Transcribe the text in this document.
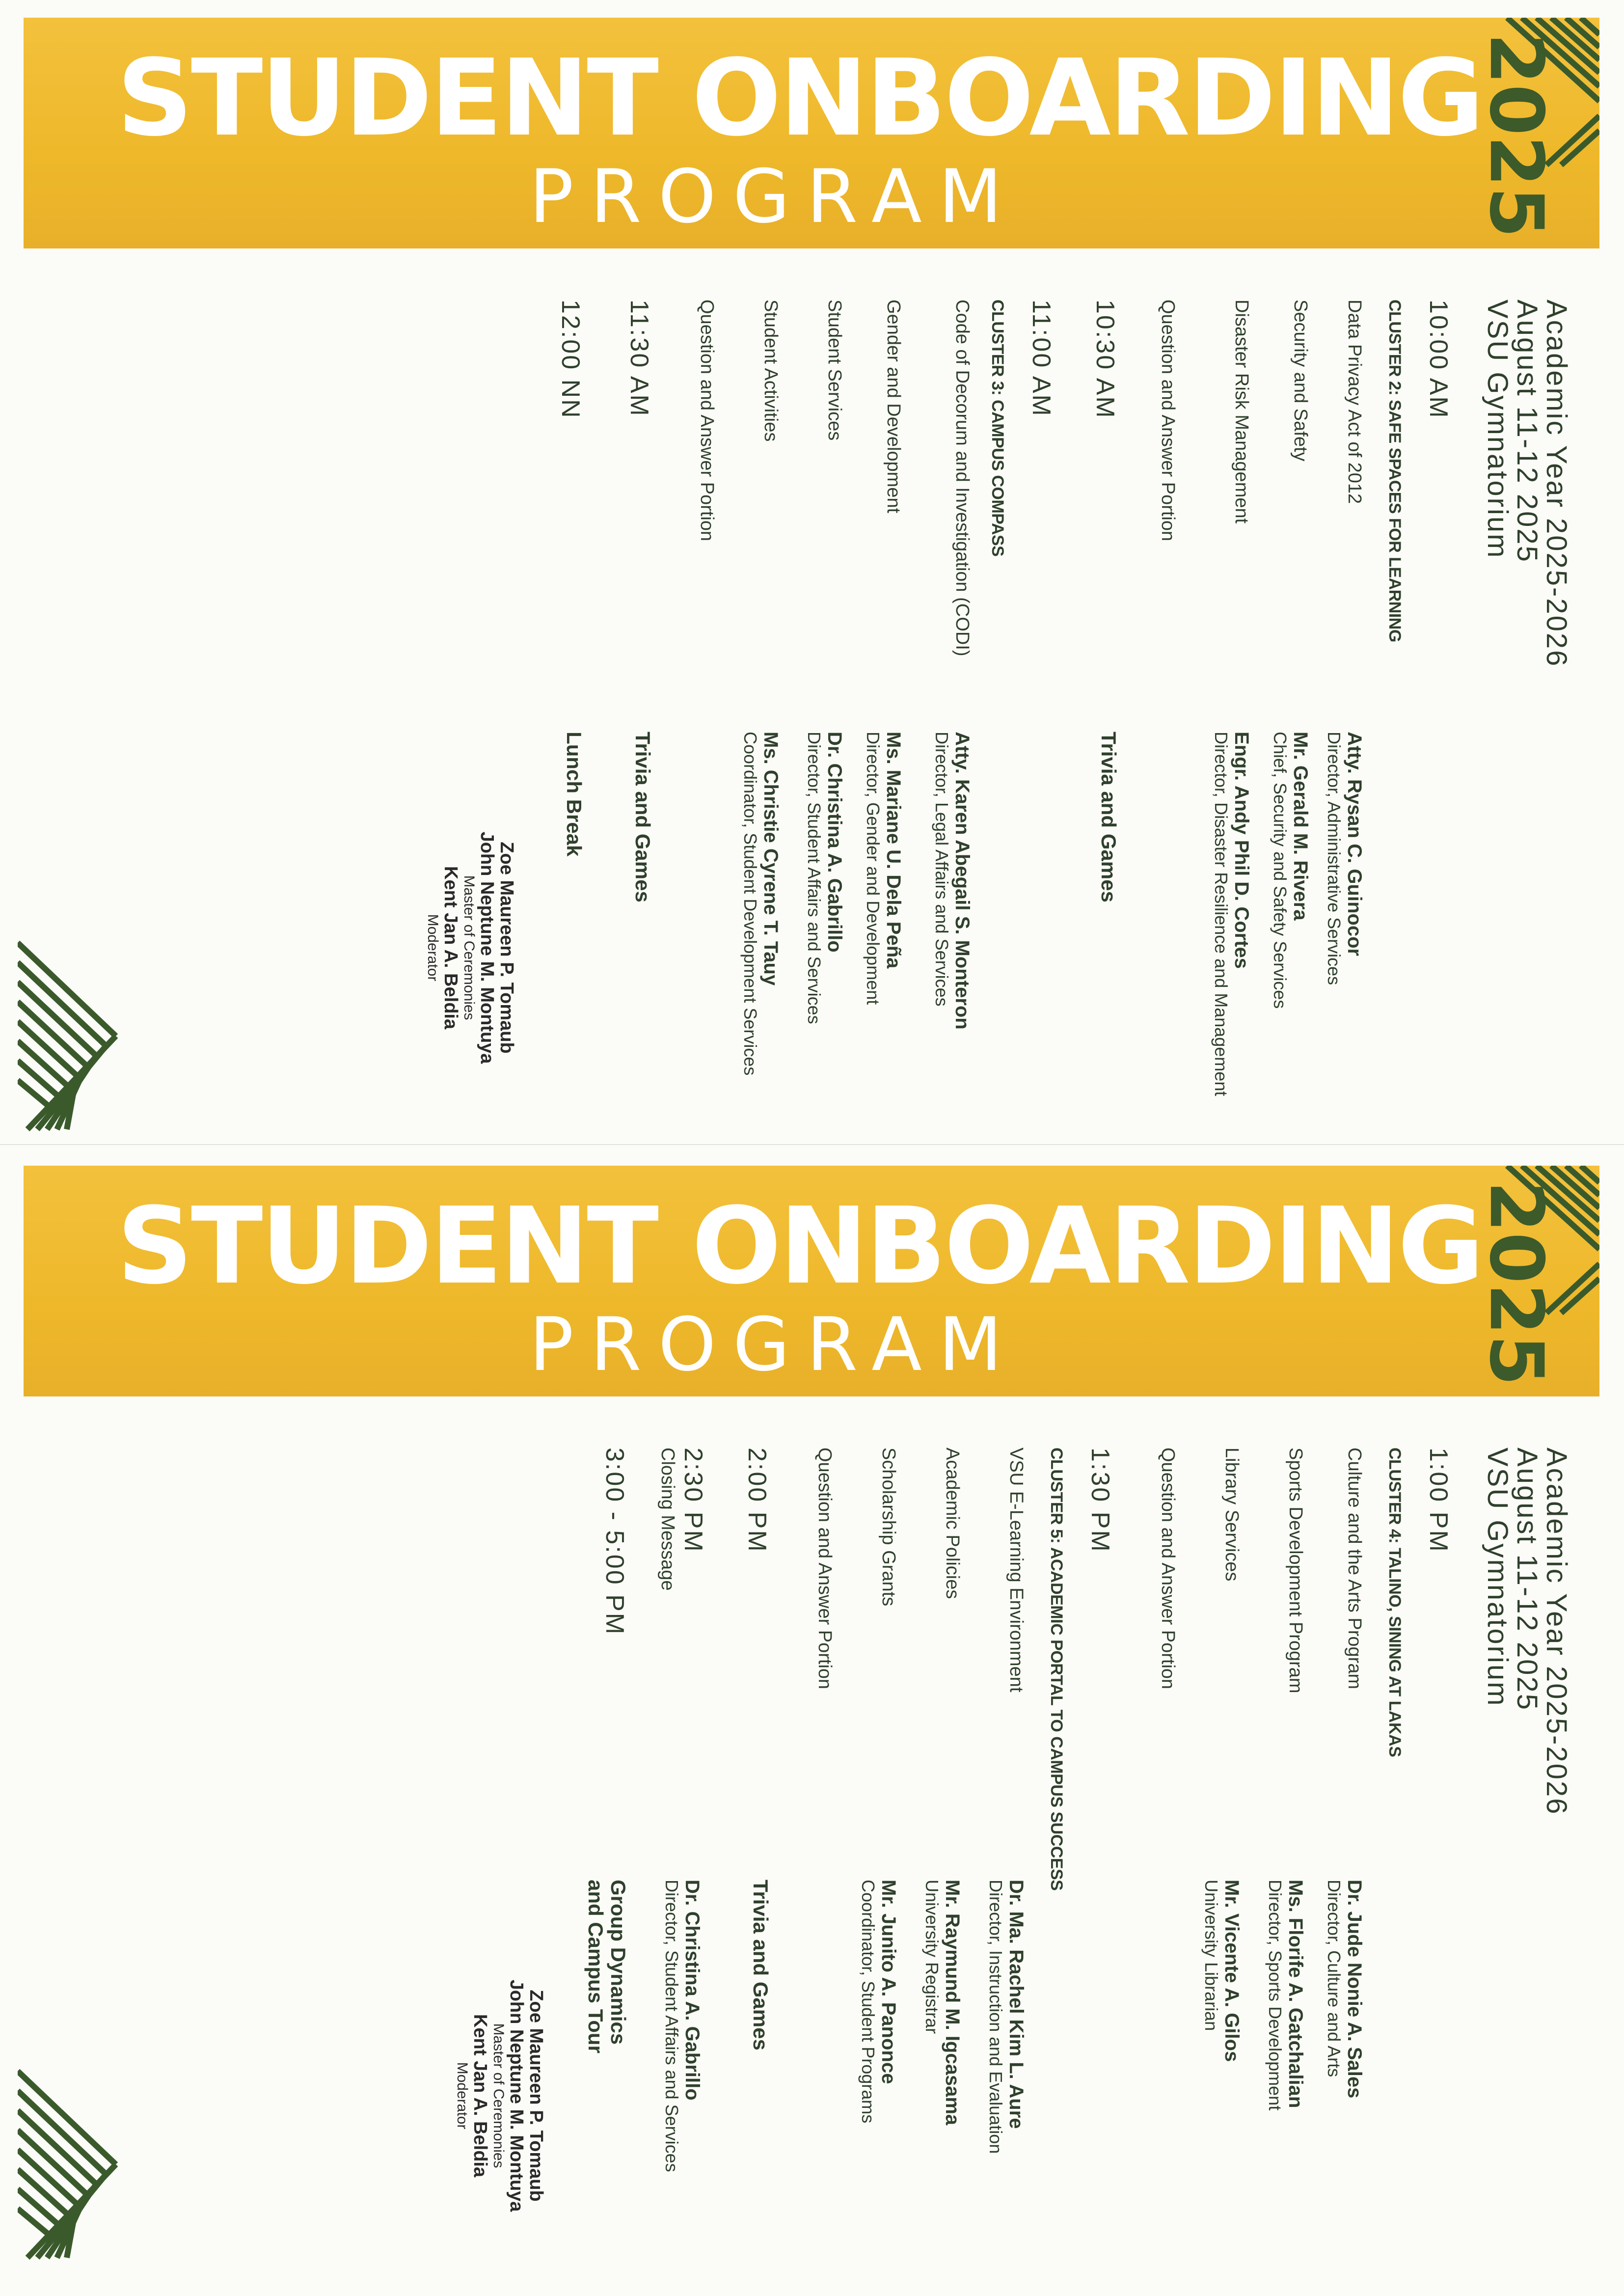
STUDENT ONBOARDING
PROGRAM	2025
Academic Year 2025-2026
August 11-12 2025
VSU Gymnatorium
10:00 AM
CLUSTER 2: SAFE SPACES FOR LEARNING
Data Privacy Act of 2012
Atty. Rysan C. Guinocor
Director, Administrative Services
Security and Safety
Mr. Gerald M. Rivera
Chief, Security and Safety Services
Disaster Risk Management
Engr. Andy Phil D. Cortes
Director, Disaster Resilience and Management
Question and Answer Portion
10:30 AM
Trivia and Games
11:00 AM
CLUSTER 3: CAMPUS COMPASS
Code of Decorum and Investigation (CODI)
Atty. Karen Abegail S. Monteron
Director, Legal Affairs and Services
Gender and Development
Ms. Mariane U. Dela Peña
Director, Gender and Development
Student Services
Dr. Christina A. Gabrillo
Director, Student Affairs and Services
Student Activities
Ms. Christie Cyrene T. Tauy
Coordinator, Student Development Services
Question and Answer Portion
11:30 AM
Trivia and Games
12:00 NN
Lunch Break
Zoe Maureen P. Tomaub
John Neptune M. Montuya
Master of Ceremonies
Kent Jan A. Beldia
Moderator
STUDENT ONBOARDING
PROGRAM	2025
Academic Year 2025-2026
August 11-12 2025
VSU Gymnatorium
1:00 PM
CLUSTER 4: TALINO, SINING AT LAKAS
Culture and the Arts Program
Dr. Jude Nonie A. Sales
Director, Culture and Arts
Sports Development Program
Ms. Florife A. Gatchalian
Director, Sports Development
Library Services
Mr. Vicente A. Gilos
University Librarian
Question and Answer Portion
1:30 PM
CLUSTER 5: ACADEMIC PORTAL TO CAMPUS SUCCESS
VSU E-Learning Environment
Dr. Ma. Rachel Kim L. Aure
Director, Instruction and Evaluation
Academic Policies
Mr. Raymund M. Igcasama
University Registrar
Scholarship Grants
Mr. Junito A. Panonce
Coordinator, Student Programs
Question and Answer Portion
2:00 PM
Trivia and Games
2:30 PM
Closing Message
Dr. Christina A. Gabrillo
Director, Student Affairs and Services
3:00 - 5:00 PM
Group Dynamics and Campus Tour
Zoe Maureen P. Tomaub
John Neptune M. Montuya
Master of Ceremonies
Kent Jan A. Beldia
Moderator
